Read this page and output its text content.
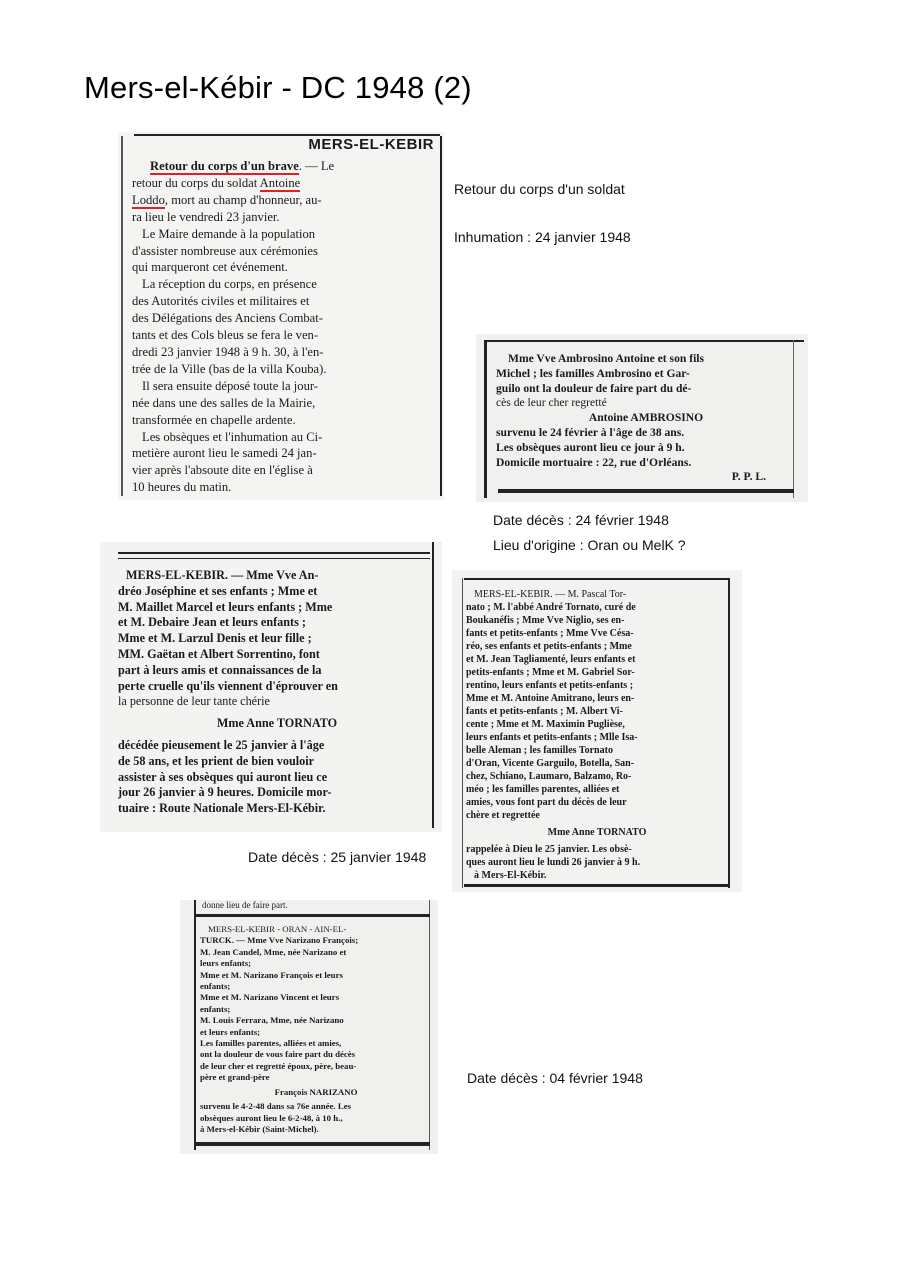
Mers-el-Kébir - DC 1948 (2)
MERS-EL-KEBIR

Retour du corps d'un brave. — Le

retour du corps du soldat Antoine

Loddo, mort au champ d'honneur, au-

ra lieu le vendredi 23 janvier.

Le Maire demande à la population

d'assister nombreuse aux cérémonies

qui marqueront cet événement.

La réception du corps, en présence

des Autorités civiles et militaires et

des Délégations des Anciens Combat-

tants et des Cols bleus se fera le ven-

dredi 23 janvier 1948 à 9 h. 30, à l'en-

trée de la Ville (bas de la villa Kouba).

Il sera ensuite déposé toute la jour-

née dans une des salles de la Mairie,

transformée en chapelle ardente.

Les obsèques et l'inhumation au Ci-

metière auront lieu le samedi 24 jan-

vier après l'absoute dite en l'église à

10 heures du matin.

Retour du corps d'un soldat
Inhumation : 24 janvier 1948

Mme Vve Ambrosino Antoine et son fils

Michel ; les familles Ambrosino et Gar-

guilo ont la douleur de faire part du dé-

cès de leur cher regretté

Antoine AMBROSINO

survenu le 24 février à l'âge de 38 ans.

Les obsèques auront lieu ce jour à 9 h.

Domicile mortuaire : 22, rue d'Orléans.

P. P. L.

Date décès : 24 février 1948
Lieu d'origine : Oran ou MelK ?

MERS-EL-KEBIR. — Mme Vve An-

dréo Joséphine et ses enfants ; Mme et

M. Maillet Marcel et leurs enfants ; Mme

et M. Debaire Jean et leurs enfants ;

Mme et M. Larzul Denis et leur fille ;

MM. Gaëtan et Albert Sorrentino, font

part à leurs amis et connaissances de la

perte cruelle qu'ils viennent d'éprouver en

la personne de leur tante chérie

Mme Anne TORNATO

décédée pieusement le 25 janvier à l'âge

de 58 ans, et les prient de bien vouloir

assister à ses obsèques qui auront lieu ce

jour 26 janvier à 9 heures. Domicile mor-

tuaire : Route Nationale Mers-El-Kébir.

Date décès : 25 janvier 1948

MERS-EL-KEBIR. — M. Pascal Tor-

nato ; M. l'abbé André Tornato, curé de

Boukanéfis ; Mme Vve Niglio, ses en-

fants et petits-enfants ; Mme Vve Césa-

réo, ses enfants et petits-enfants ; Mme

et M. Jean Tagliamenté, leurs enfants et

petits-enfants ; Mme et M. Gabriel Sor-

rentino, leurs enfants et petits-enfants ;

Mme et M. Antoine Amitrano, leurs en-

fants et petits-enfants ; M. Albert Vi-

cente ; Mme et M. Maximin Puglièse,

leurs enfants et petits-enfants ; Mlle Isa-

belle Aleman ; les familles Tornato

d'Oran, Vicente Garguilo, Botella, San-

chez, Schiano, Laumaro, Balzamo, Ro-

méo ; les familles parentes, alliées et

amies, vous font part du décès de leur

chère et regrettée

Mme Anne TORNATO

rappelée à Dieu le 25 janvier. Les obsè-

ques auront lieu le lundi 26 janvier à 9 h.

à Mers-El-Kébir.

donne lieu de faire part.

MERS-EL-KEBIR - ORAN - AIN-EL-

TURCK. — Mme Vve Narizano François;

M. Jean Candel, Mme, née Narizano et

leurs enfants;

Mme et M. Narizano François et leurs

enfants;

Mme et M. Narizano Vincent et leurs

enfants;

M. Louis Ferrara, Mme, née Narizano

et leurs enfants;

Les familles parentes, alliées et amies,

ont la douleur de vous faire part du décès

de leur cher et regretté époux, père, beau-

père et grand-père

François NARIZANO

survenu le 4-2-48 dans sa 76e année. Les

obsèques auront lieu le 6-2-48, à 10 h.,

à Mers-el-Kébir (Saint-Michel).

Date décès : 04 février 1948
